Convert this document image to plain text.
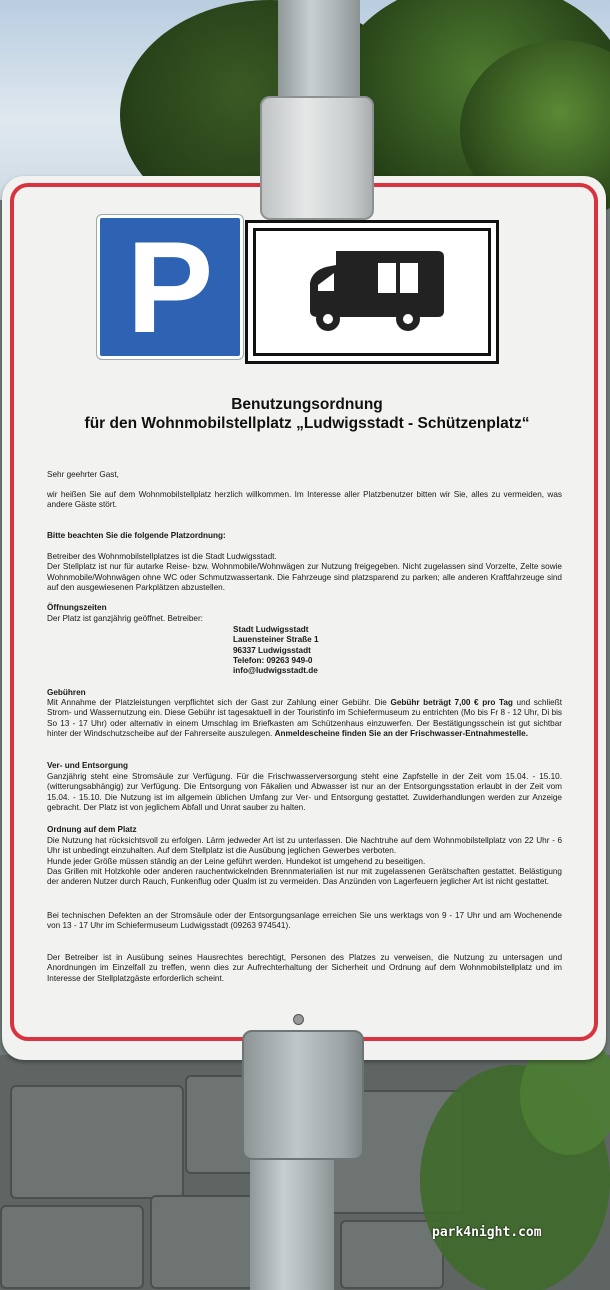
P
Benutzungsordnung
für den Wohnmobilstellplatz „Ludwigsstadt - Schützenplatz“
Sehr geehrter Gast,
wir heißen Sie auf dem Wohnmobilstellplatz herzlich willkommen. Im Interesse aller Platzbenutzer bitten wir Sie, alles zu vermeiden, was andere Gäste stört.
Bitte beachten Sie die folgende Platzordnung:
Betreiber des Wohnmobilstellplatzes ist die Stadt Ludwigsstadt.
Der Stellplatz ist nur für autarke Reise- bzw. Wohnmobile/Wohnwägen zur Nutzung freigegeben. Nicht zugelassen sind Vorzelte, Zelte sowie Wohnmobile/Wohnwägen ohne WC oder Schmutzwassertank. Die Fahrzeuge sind platzsparend zu parken; alle anderen Kraftfahrzeuge sind auf den ausgewiesenen Parkplätzen abzustellen.
Öffnungszeiten
Der Platz ist ganzjährig geöffnet. Betreiber:
Stadt Ludwigsstadt
Lauensteiner Straße 1
96337 Ludwigsstadt
Telefon: 09263 949-0
info@ludwigsstadt.de
Gebühren
Mit Annahme der Platzleistungen verpflichtet sich der Gast zur Zahlung einer Gebühr. Die Gebühr beträgt 7,00 € pro Tag und schließt Strom- und Wassernutzung ein. Diese Gebühr ist tagesaktuell in der Touristinfo im Schiefermuseum zu entrichten (Mo bis Fr 8 - 12 Uhr, Di bis So 13 - 17 Uhr) oder alternativ in einem Umschlag im Briefkasten am Schützenhaus einzuwerfen. Der Bestätigungsschein ist gut sichtbar hinter der Windschutzscheibe auf der Fahrerseite auszulegen. Anmeldescheine finden Sie an der Frischwasser-Entnahmestelle.
Ver- und Entsorgung
Ganzjährig steht eine Stromsäule zur Verfügung. Für die Frischwasserversorgung steht eine Zapfstelle in der Zeit vom 15.04. - 15.10. (witterungsabhängig) zur Verfügung. Die Entsorgung von Fäkalien und Abwasser ist nur an der Entsorgungsstation erlaubt in der Zeit vom 15.04. - 15.10. Die Nutzung ist im allgemein üblichen Umfang zur Ver- und Entsorgung gestattet. Zuwiderhandlungen werden zur Anzeige gebracht. Der Platz ist von jeglichem Abfall und Unrat sauber zu halten.
Ordnung auf dem Platz
Die Nutzung hat rücksichtsvoll zu erfolgen. Lärm jedweder Art ist zu unterlassen. Die Nachtruhe auf dem Wohnmobilstellplatz von 22 Uhr - 6 Uhr ist unbedingt einzuhalten. Auf dem Stellplatz ist die Ausübung jeglichen Gewerbes verboten.
Hunde jeder Größe müssen ständig an der Leine geführt werden. Hundekot ist umgehend zu beseitigen.
Das Grillen mit Holzkohle oder anderen rauchentwickelnden Brennmaterialien ist nur mit zugelassenen Gerätschaften gestattet. Belästigung der anderen Nutzer durch Rauch, Funkenflug oder Qualm ist zu vermeiden. Das Anzünden von Lagerfeuern jeglicher Art ist nicht gestattet.
Bei technischen Defekten an der Stromsäule oder der Entsorgungsanlage erreichen Sie uns werktags von 9 - 17 Uhr und am Wochenende von 13 - 17 Uhr im Schiefermuseum Ludwigsstadt (09263 974541).
Der Betreiber ist in Ausübung seines Hausrechtes berechtigt, Personen des Platzes zu verweisen, die Nutzung zu untersagen und Anordnungen im Einzelfall zu treffen, wenn dies zur Aufrechterhaltung der Sicherheit und Ordnung auf dem Wohnmobilstellplatz und im Interesse der Stellplatzgäste erforderlich scheint.
park4night.com
